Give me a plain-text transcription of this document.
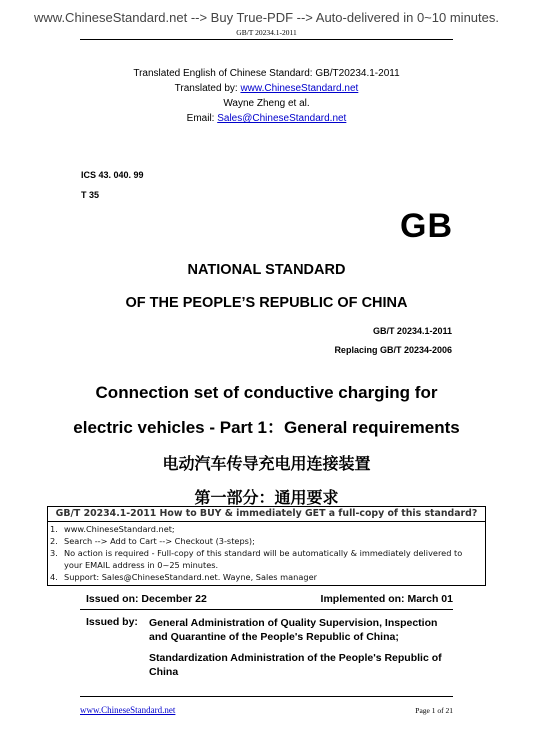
www.ChineseStandard.net --> Buy True-PDF --> Auto-delivered in 0~10 minutes.
GB/T 20234.1-2011
Translated English of Chinese Standard: GB/T20234.1-2011
Translated by: www.ChineseStandard.net
Wayne Zheng et al.
Email: Sales@ChineseStandard.net
ICS 43. 040. 99
T 35
GB
NATIONAL STANDARD
OF THE PEOPLE’S REPUBLIC OF CHINA
GB/T 20234.1-2011
Replacing GB/T 20234-2006
Connection set of conductive charging for
electric vehicles - Part 1：General requirements
电动汽车传导充电用连接装置
第一部分：通用要求
GB/T 20234.1-2011 How to BUY & immediately GET a full-copy of this standard?
1. www.ChineseStandard.net;
2. Search --> Add to Cart --> Checkout (3-steps);
3. No action is required - Full-copy of this standard will be automatically & immediately delivered to
your EMAIL address in 0~25 minutes.
4. Support: Sales@ChineseStandard.net. Wayne, Sales manager
Issued on: December 22	Implemented on: March 01
Issued by: General Administration of Quality Supervision, Inspection and Quarantine of the People's Republic of China;
Standardization Administration of the People's Republic of China
www.ChineseStandard.net	Page 1 of 21
